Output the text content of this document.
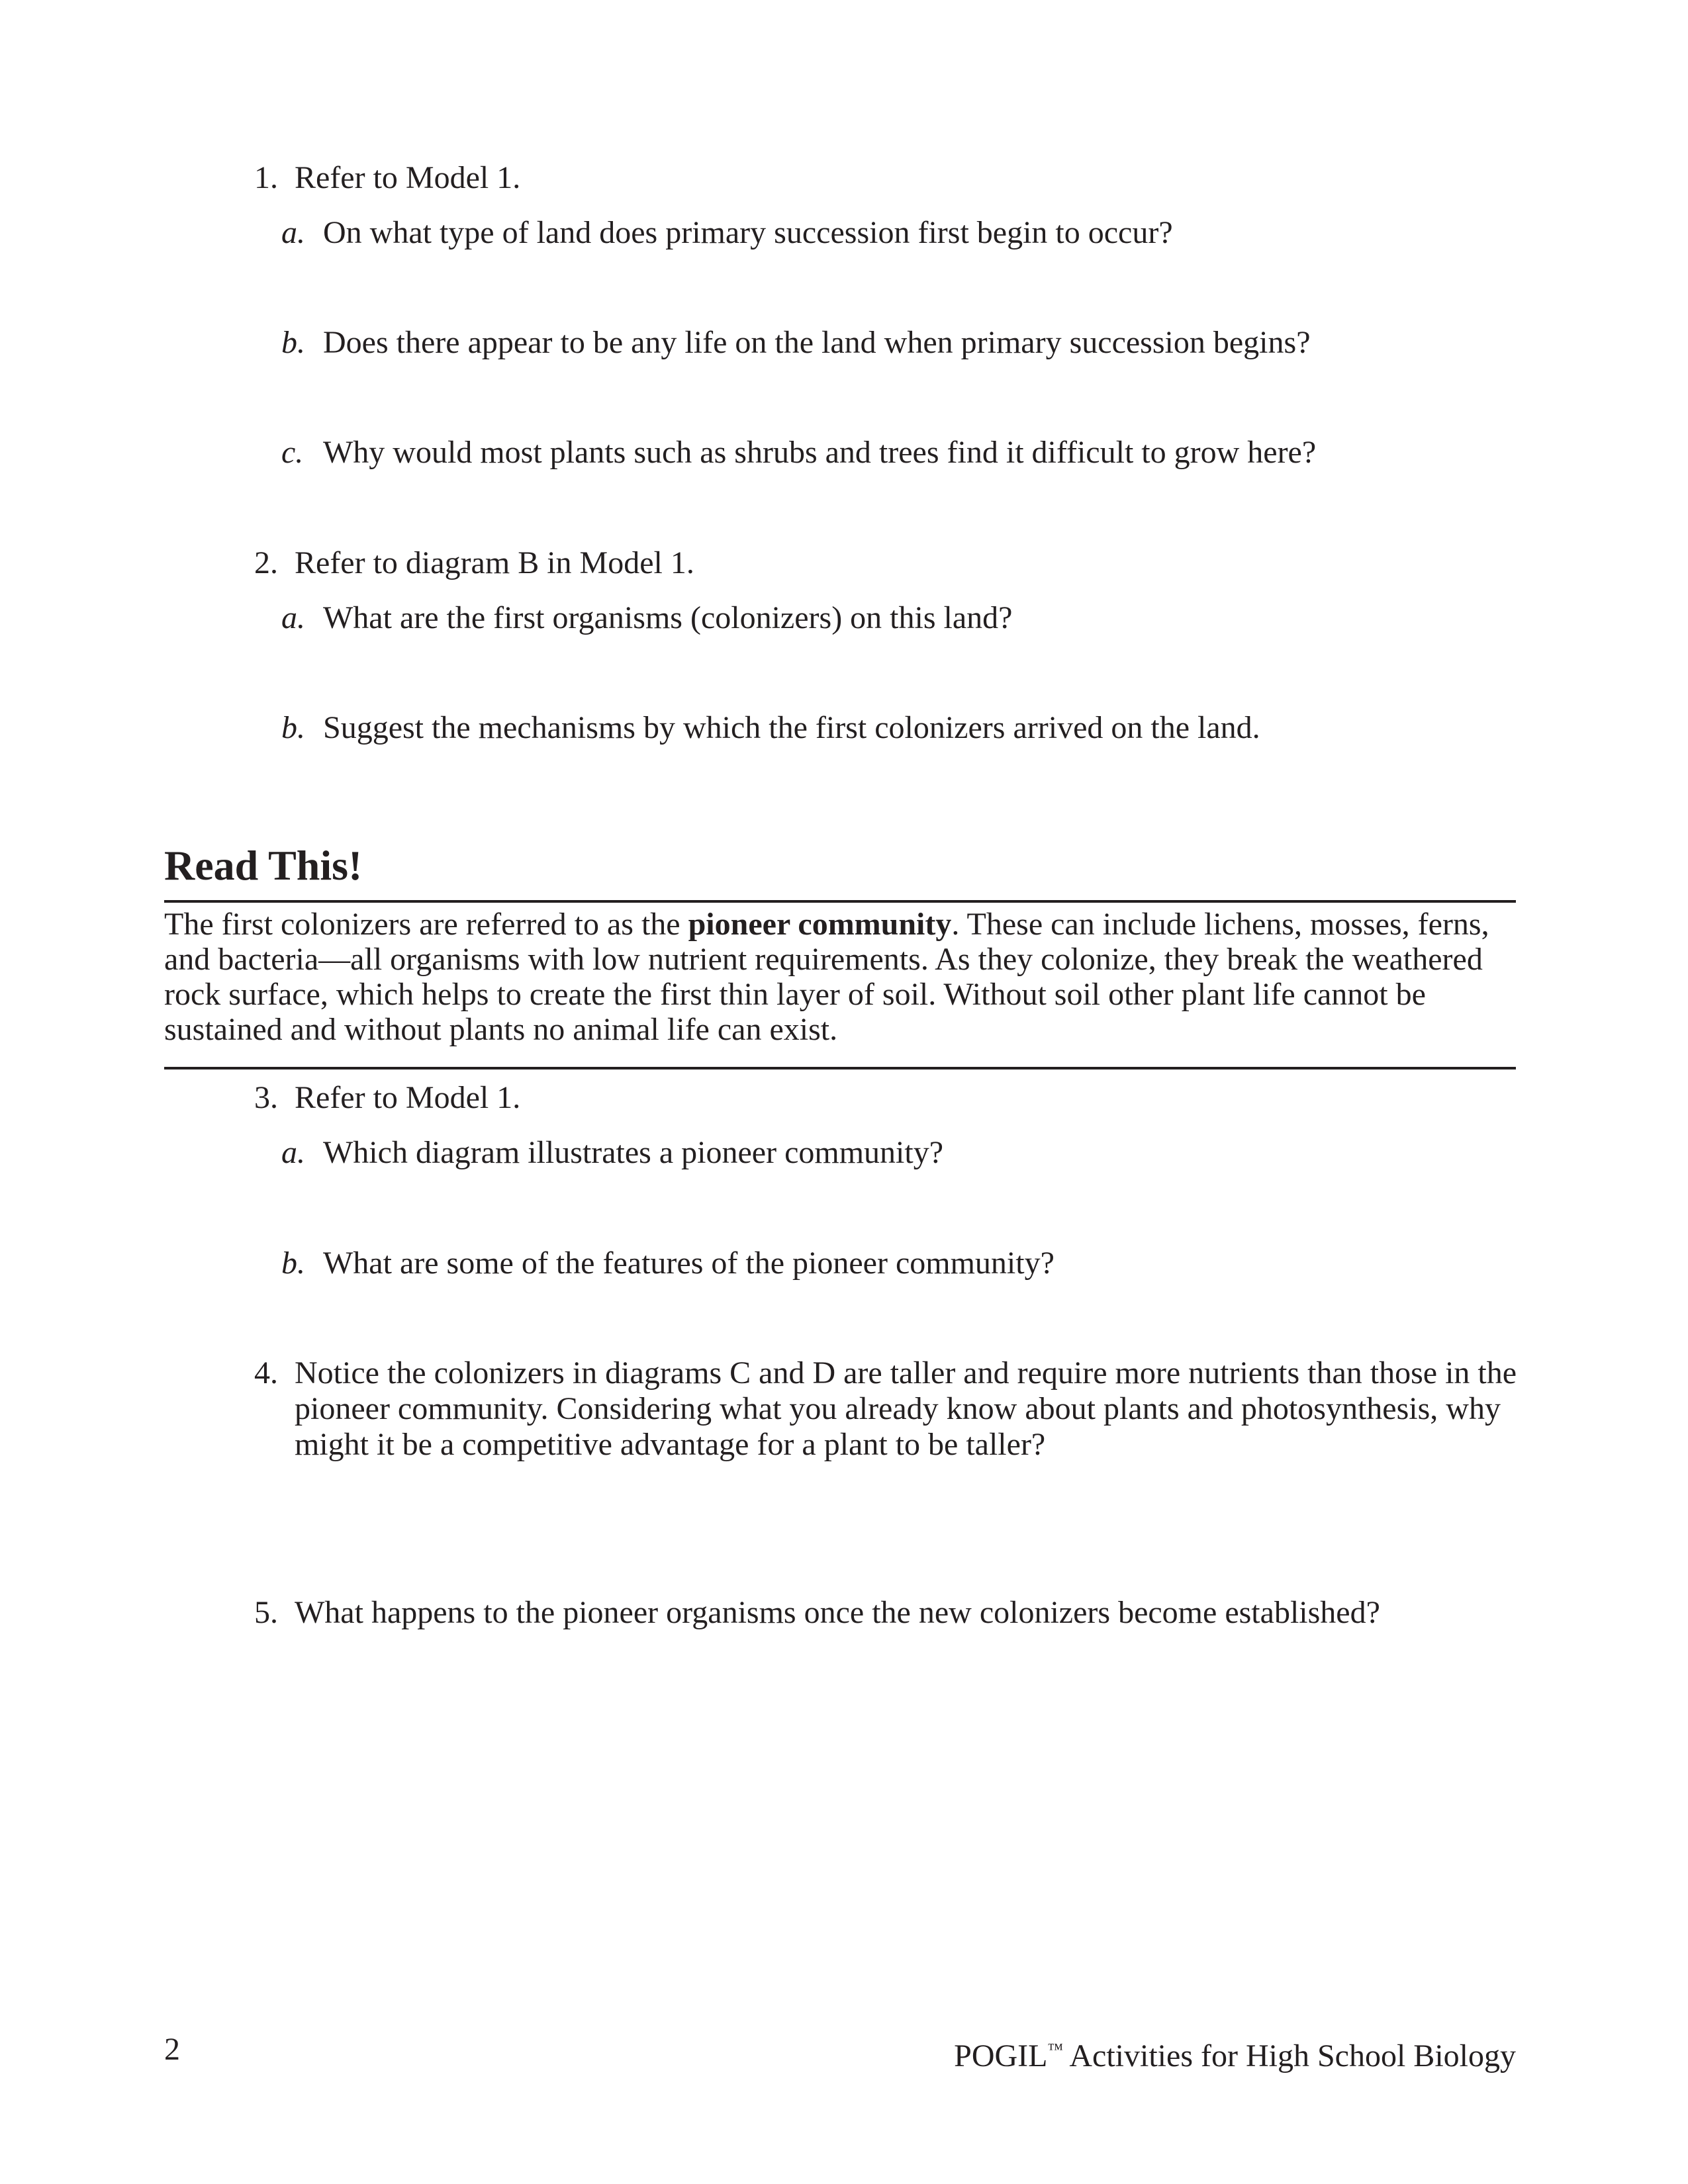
1. Refer to Model 1.
a. On what type of land does primary succession first begin to occur?
b. Does there appear to be any life on the land when primary succession begins?
c. Why would most plants such as shrubs and trees find it difficult to grow here?
2. Refer to diagram B in Model 1.
a. What are the first organisms (colonizers) on this land?
b. Suggest the mechanisms by which the first colonizers arrived on the land.
Read This!
The first colonizers are referred to as the pioneer community. These can include lichens, mosses, ferns, and bacteria—all organisms with low nutrient requirements. As they colonize, they break the weathered rock surface, which helps to create the first thin layer of soil. Without soil other plant life cannot be sustained and without plants no animal life can exist.
3. Refer to Model 1.
a. Which diagram illustrates a pioneer community?
b. What are some of the features of the pioneer community?
4. Notice the colonizers in diagrams C and D are taller and require more nutrients than those in the
pioneer community. Considering what you already know about plants and photosynthesis, why
might it be a competitive advantage for a plant to be taller?
5. What happens to the pioneer organisms once the new colonizers become established?
2	POGIL™ Activities for High School Biology
